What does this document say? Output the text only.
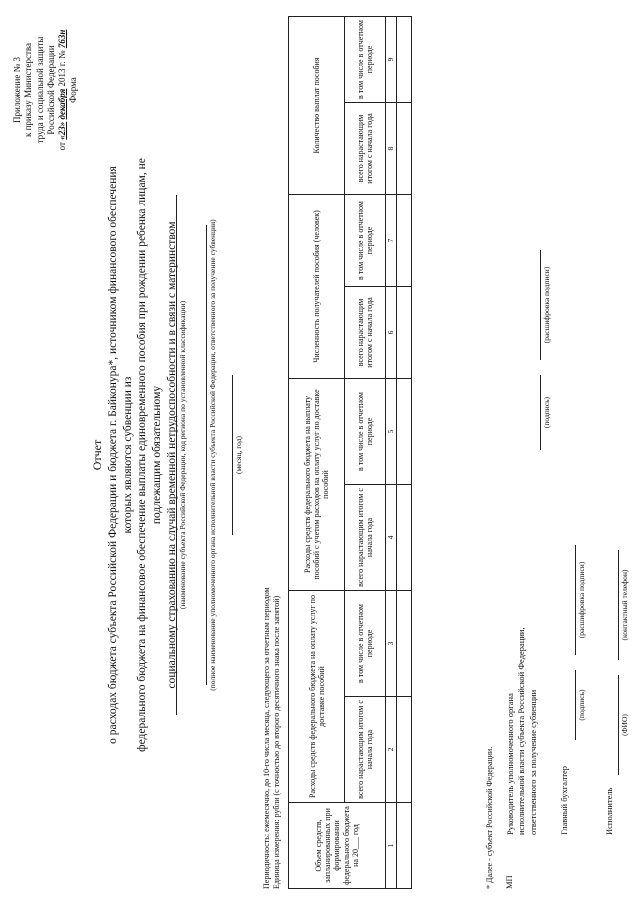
Приложение № 3 к приказу Министерства труда и социальной защиты Российской Федерации
от «23» декабря 2013 г. № 763н
Форма
Отчет о расходах бюджета субъекта Российской Федерации и бюджета г. Байконура*, источником финансового обеспечения которых являются субвенции из федерального бюджета на финансовое обеспечение выплаты единовременного пособия при рождении ребенка лицам, не подлежащим обязательному социальному страхованию на случай временной нетрудоспособности и в связи с материнством (наименование субъекта Российской Федерации, код региона по установленной классификации)	(полное наименование уполномоченного органа исполнительной власти субъекта Российской Федерации, ответственного за получение субвенции) (месяц, год)
Периодичность: ежемесячно, до 10-го числа месяца, следующего за отчетным периодом Единица измерения: рубли (с точностью до второго десятичного знака после запятой)	Объем средств, запланированных при формировании федерального бюджета на 20___ год	Расходы средств федерального бюджета на оплату услуг по доставке пособий		Расходы средств федерального бюджета на выплату пособий с учетом расходов на оплату услуг по доставке пособий		Численность получателей пособия (человек)		Количество выплат пособия	
	всего нарастающим итогом с начала года	в том числе в отчетном периоде	всего нарастающим итогом с начала года	в том числе в отчетном периоде	всего нарастающим итогом с начала года	в том числе в отчетном периоде	всего нарастающим итогом с начала года	в том числе в отчетном периоде
1	2	3	4	5	6	7	8	9

* Далее - субъект Российской Федерации. МП
Руководитель уполномоченного органа исполнительной власти субъекта Российской Федерации, ответственного за получение субвенции
(подпись)
(расшифровка подписи)
Главный бухгалтер
(подпись)
(расшифровка подписи)
Исполнитель
(ФИО)
(контактный телефон)
